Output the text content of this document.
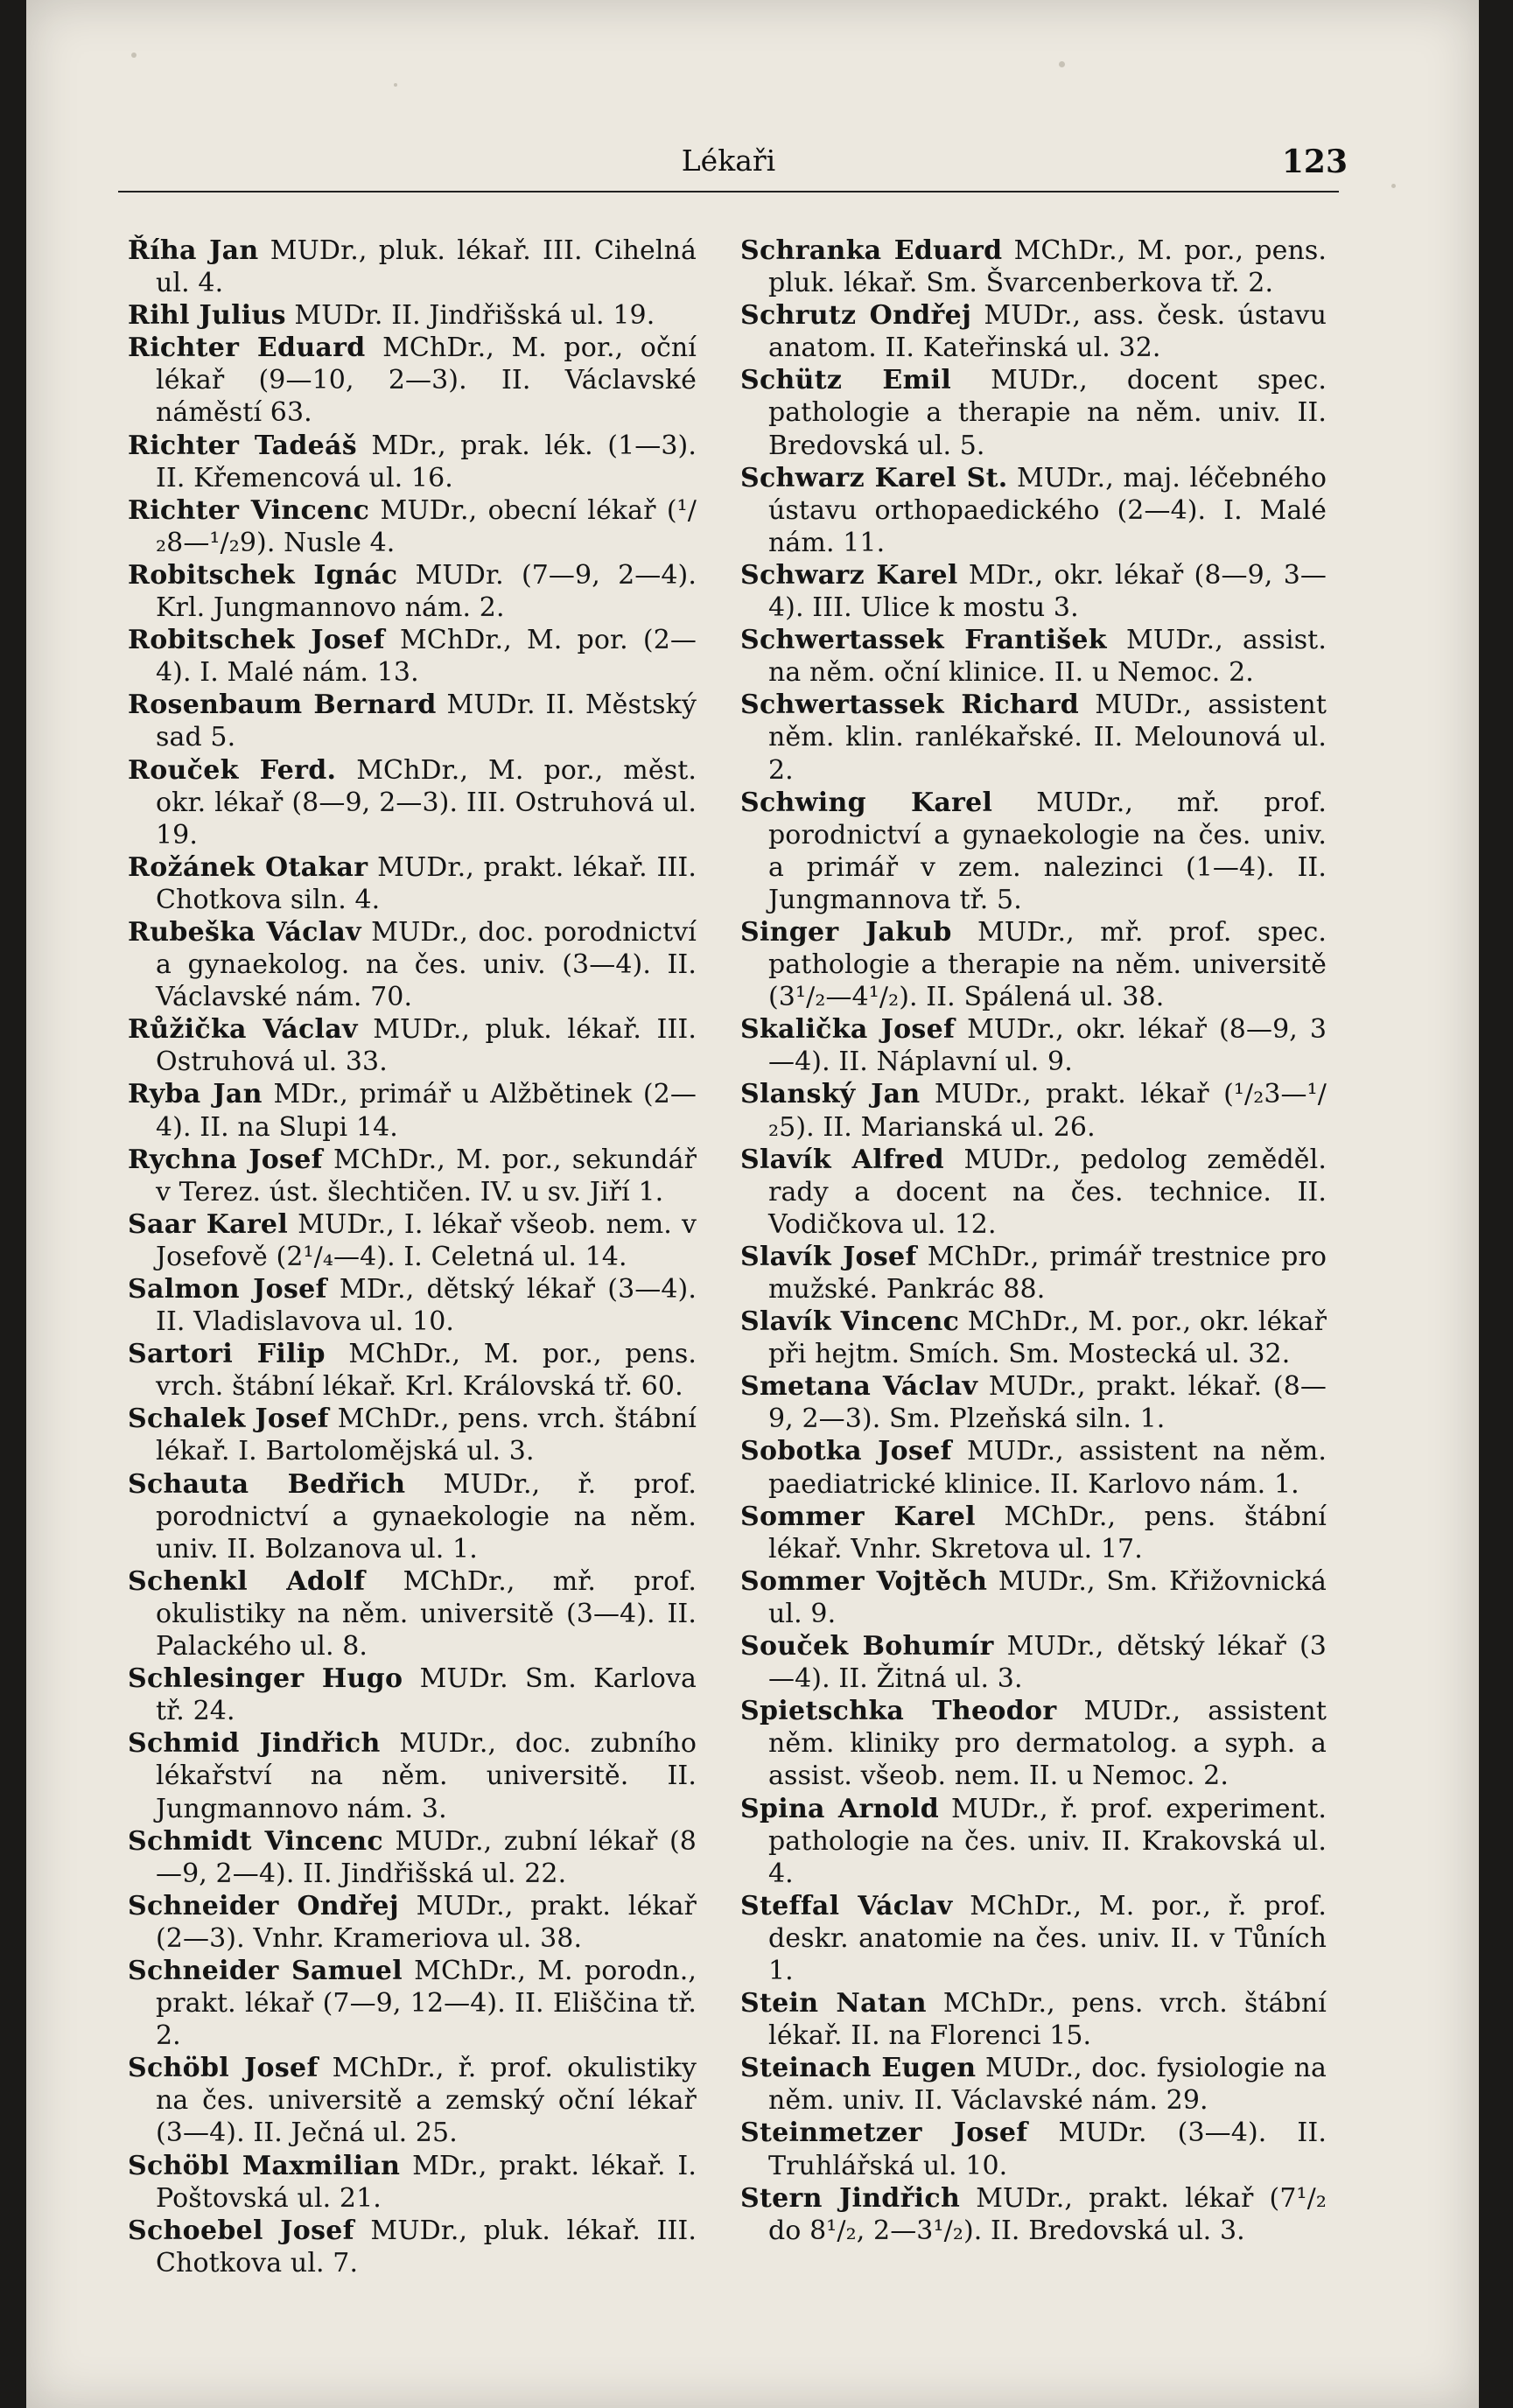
Lékaři	123

Říha Jan MUDr., pluk. lékař. III. Cihelná ul. 4.

Rihl Julius MUDr. II. Jindřišská ul. 19.

Richter Eduard MChDr., M. por., oční lékař (9—10, 2—3). II. Václavské náměstí 63.

Richter Tadeáš MDr., prak. lék. (1—3). II. Křemencová ul. 16.

Richter Vincenc MUDr., obecní lékař (¹/₂8—¹/₂9). Nusle 4.

Robitschek Ignác MUDr. (7—9, 2—4). Krl. Jungmannovo nám. 2.

Robitschek Josef MChDr., M. por. (2—4). I. Malé nám. 13.

Rosenbaum Bernard MUDr. II. Městský sad 5.

Rouček Ferd. MChDr., M. por., měst. okr. lékař (8—9, 2—3). III. Ostruhová ul. 19.

Rožánek Otakar MUDr., prakt. lékař. III. Chotkova siln. 4.

Rubeška Václav MUDr., doc. porodnictví a gynaekolog. na čes. univ. (3—4). II. Václavské nám. 70.

Růžička Václav MUDr., pluk. lékař. III. Ostruhová ul. 33.

Ryba Jan MDr., primář u Alžbětinek (2—4). II. na Slupi 14.

Rychna Josef MChDr., M. por., sekundář v Terez. úst. šlechtičen. IV. u sv. Jiří 1.

Saar Karel MUDr., I. lékař všeob. nem. v Josefově (2¹/₄—4). I. Celetná ul. 14.

Salmon Josef MDr., dětský lékař (3—4). II. Vladislavova ul. 10.

Sartori Filip MChDr., M. por., pens. vrch. štábní lékař. Krl. Královská tř. 60.

Schalek Josef MChDr., pens. vrch. štábní lékař. I. Bartolomějská ul. 3.

Schauta Bedřich MUDr., ř. prof. porodnictví a gynaekologie na něm. univ. II. Bolzanova ul. 1.

Schenkl Adolf MChDr., mř. prof. okulistiky na něm. universitě (3—4). II. Palackého ul. 8.

Schlesinger Hugo MUDr. Sm. Karlova tř. 24.

Schmid Jindřich MUDr., doc. zubního lékařství na něm. universitě. II. Jungmannovo nám. 3.

Schmidt Vincenc MUDr., zubní lékař (8—9, 2—4). II. Jindřišská ul. 22.

Schneider Ondřej MUDr., prakt. lékař (2—3). Vnhr. Krameriova ul. 38.

Schneider Samuel MChDr., M. porodn., prakt. lékař (7—9, 12—4). II. Eliščina tř. 2.

Schöbl Josef MChDr., ř. prof. okulistiky na čes. universitě a zemský oční lékař (3—4). II. Ječná ul. 25.

Schöbl Maxmilian MDr., prakt. lékař. I. Poštovská ul. 21.

Schoebel Josef MUDr., pluk. lékař. III. Chotkova ul. 7.

Schranka Eduard MChDr., M. por., pens. pluk. lékař. Sm. Švarcenberkova tř. 2.

Schrutz Ondřej MUDr., ass. česk. ústavu anatom. II. Kateřinská ul. 32.

Schütz Emil MUDr., docent spec. pathologie a therapie na něm. univ. II. Bredovská ul. 5.

Schwarz Karel St. MUDr., maj. léčebného ústavu orthopaedického (2—4). I. Malé nám. 11.

Schwarz Karel MDr., okr. lékař (8—9, 3—4). III. Ulice k mostu 3.

Schwertassek František MUDr., assist. na něm. oční klinice. II. u Nemoc. 2.

Schwertassek Richard MUDr., assistent něm. klin. ranlékařské. II. Melounová ul. 2.

Schwing Karel MUDr., mř. prof. porodnictví a gynaekologie na čes. univ. a primář v zem. nalezinci (1—4). II. Jungmannova tř. 5.

Singer Jakub MUDr., mř. prof. spec. pathologie a therapie na něm. universitě (3¹/₂—4¹/₂). II. Spálená ul. 38.

Skalička Josef MUDr., okr. lékař (8—9, 3—4). II. Náplavní ul. 9.

Slanský Jan MUDr., prakt. lékař (¹/₂3—¹/₂5). II. Marianská ul. 26.

Slavík Alfred MUDr., pedolog zeměděl. rady a docent na čes. technice. II. Vodičkova ul. 12.

Slavík Josef MChDr., primář trestnice pro mužské. Pankrác 88.

Slavík Vincenc MChDr., M. por., okr. lékař při hejtm. Smích. Sm. Mostecká ul. 32.

Smetana Václav MUDr., prakt. lékař. (8—9, 2—3). Sm. Plzeňská siln. 1.

Sobotka Josef MUDr., assistent na něm. paediatrické klinice. II. Karlovo nám. 1.

Sommer Karel MChDr., pens. štábní lékař. Vnhr. Skretova ul. 17.

Sommer Vojtěch MUDr., Sm. Křižovnická ul. 9.

Souček Bohumír MUDr., dětský lékař (3—4). II. Žitná ul. 3.

Spietschka Theodor MUDr., assistent něm. kliniky pro dermatolog. a syph. a assist. všeob. nem. II. u Nemoc. 2.

Spina Arnold MUDr., ř. prof. experiment. pathologie na čes. univ. II. Krakovská ul. 4.

Steffal Václav MChDr., M. por., ř. prof. deskr. anatomie na čes. univ. II. v Tůních 1.

Stein Natan MChDr., pens. vrch. štábní lékař. II. na Florenci 15.

Steinach Eugen MUDr., doc. fysiologie na něm. univ. II. Václavské nám. 29.

Steinmetzer Josef MUDr. (3—4). II. Truhlářská ul. 10.

Stern Jindřich MUDr., prakt. lékař (7¹/₂ do 8¹/₂, 2—3¹/₂). II. Bredovská ul. 3.
